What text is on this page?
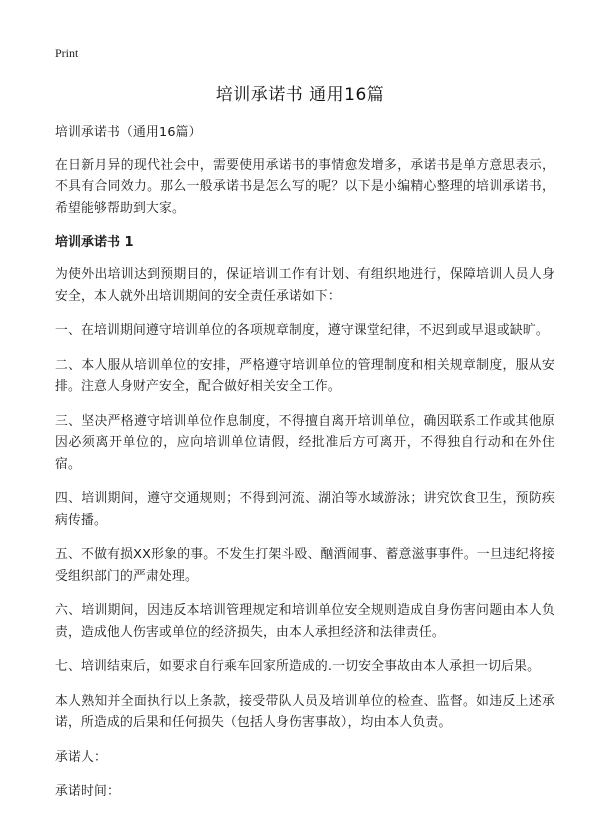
Print
培训承诺书 通用16篇

培训承诺书（通用16篇）

在日新月异的现代社会中，需要使用承诺书的事情愈发增多，承诺书是单方意思表示，不具有合同效力。那么一般承诺书是怎么写的呢？以下是小编精心整理的培训承诺书，希望能够帮助到大家。

培训承诺书 1

为使外出培训达到预期目的，保证培训工作有计划、有组织地进行，保障培训人员人身安全，本人就外出培训期间的安全责任承诺如下：

一、在培训期间遵守培训单位的各项规章制度，遵守课堂纪律，不迟到或早退或缺旷。

二、本人服从培训单位的安排，严格遵守培训单位的管理制度和相关规章制度，服从安排。注意人身财产安全，配合做好相关安全工作。

三、坚决严格遵守培训单位作息制度，不得擅自离开培训单位，确因联系工作或其他原因必须离开单位的，应向培训单位请假，经批准后方可离开，不得独自行动和在外住宿。

四、培训期间，遵守交通规则；不得到河流、湖泊等水域游泳；讲究饮食卫生，预防疾病传播。

五、不做有损XX形象的事。不发生打架斗殴、酗酒闹事、蓄意滋事事件。一旦违纪将接受组织部门的严肃处理。

六、培训期间，因违反本培训管理规定和培训单位安全规则造成自身伤害问题由本人负责，造成他人伤害或单位的经济损失，由本人承担经济和法律责任。

七、培训结束后，如要求自行乘车回家所造成的.一切安全事故由本人承担一切后果。

本人熟知并全面执行以上条款，接受带队人员及培训单位的检查、监督。如违反上述承诺，所造成的后果和任何损失（包括人身伤害事故），均由本人负责。

承诺人：

承诺时间：
